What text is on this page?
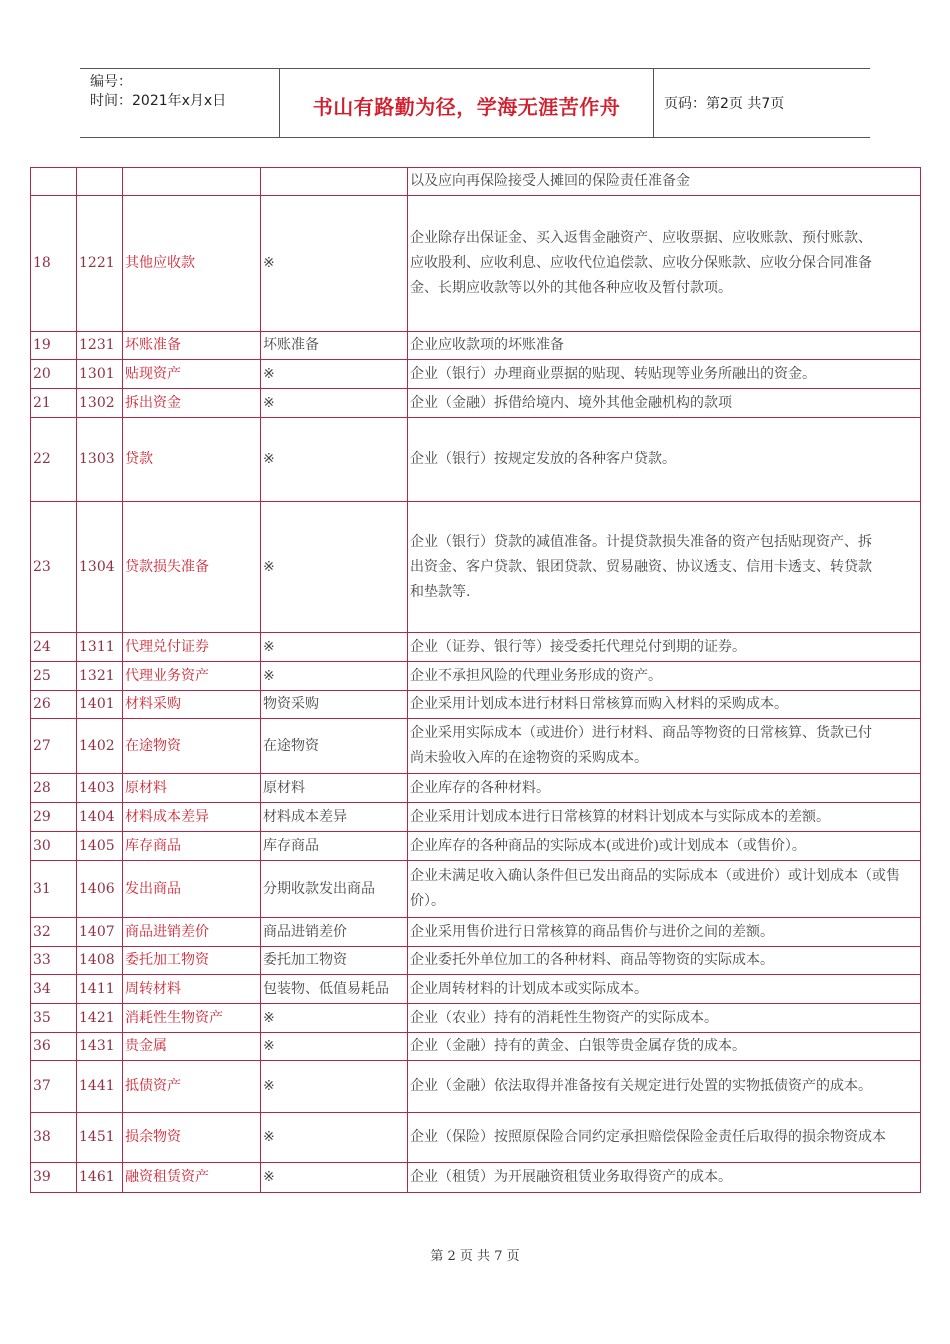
编号：
时间：2021年x月x日	书山有路勤为径，学海无涯苦作舟	页码：第2页 共7页
				以及应向再保险接受人摊回的保险责任准备金
18	1221	其他应收款	※	企业除存出保证金、买入返售金融资产、应收票据、应收账款、预付账款、
应收股利、应收利息、应收代位追偿款、应收分保账款、应收分保合同准备
金、长期应收款等以外的其他各种应收及暂付款项。
19	1231	坏账准备	坏账准备	企业应收款项的坏账准备
20	1301	贴现资产	※	企业（银行）办理商业票据的贴现、转贴现等业务所融出的资金。
21	1302	拆出资金	※	企业（金融）拆借给境内、境外其他金融机构的款项
22	1303	贷款	※	企业（银行）按规定发放的各种客户贷款。
23	1304	贷款损失准备	※	企业（银行）贷款的减值准备。计提贷款损失准备的资产包括贴现资产、拆
出资金、客户贷款、银团贷款、贸易融资、协议透支、信用卡透支、转贷款
和垫款等.
24	1311	代理兑付证券	※	企业（证券、银行等）接受委托代理兑付到期的证券。
25	1321	代理业务资产	※	企业不承担风险的代理业务形成的资产。
26	1401	材料采购	物资采购	企业采用计划成本进行材料日常核算而购入材料的采购成本。
27	1402	在途物资	在途物资	企业采用实际成本（或进价）进行材料、商品等物资的日常核算、货款已付
尚未验收入库的在途物资的采购成本。
28	1403	原材料	原材料	企业库存的各种材料。
29	1404	材料成本差异	材料成本差异	企业采用计划成本进行日常核算的材料计划成本与实际成本的差额。
30	1405	库存商品	库存商品	企业库存的各种商品的实际成本(或进价)或计划成本（或售价）。
31	1406	发出商品	分期收款发出商品	企业未满足收入确认条件但已发出商品的实际成本（或进价）或计划成本（或售价）。
32	1407	商品进销差价	商品进销差价	企业采用售价进行日常核算的商品售价与进价之间的差额。
33	1408	委托加工物资	委托加工物资	企业委托外单位加工的各种材料、商品等物资的实际成本。
34	1411	周转材料	包装物、低值易耗品	企业周转材料的计划成本或实际成本。
35	1421	消耗性生物资产	※	企业（农业）持有的消耗性生物资产的实际成本。
36	1431	贵金属	※	企业（金融）持有的黄金、白银等贵金属存货的成本。
37	1441	抵债资产	※	企业（金融）依法取得并准备按有关规定进行处置的实物抵债资产的成本。
38	1451	损余物资	※	企业（保险）按照原保险合同约定承担赔偿保险金责任后取得的损余物资成本
39	1461	融资租赁资产	※	企业（租赁）为开展融资租赁业务取得资产的成本。
第 2 页 共 7 页
